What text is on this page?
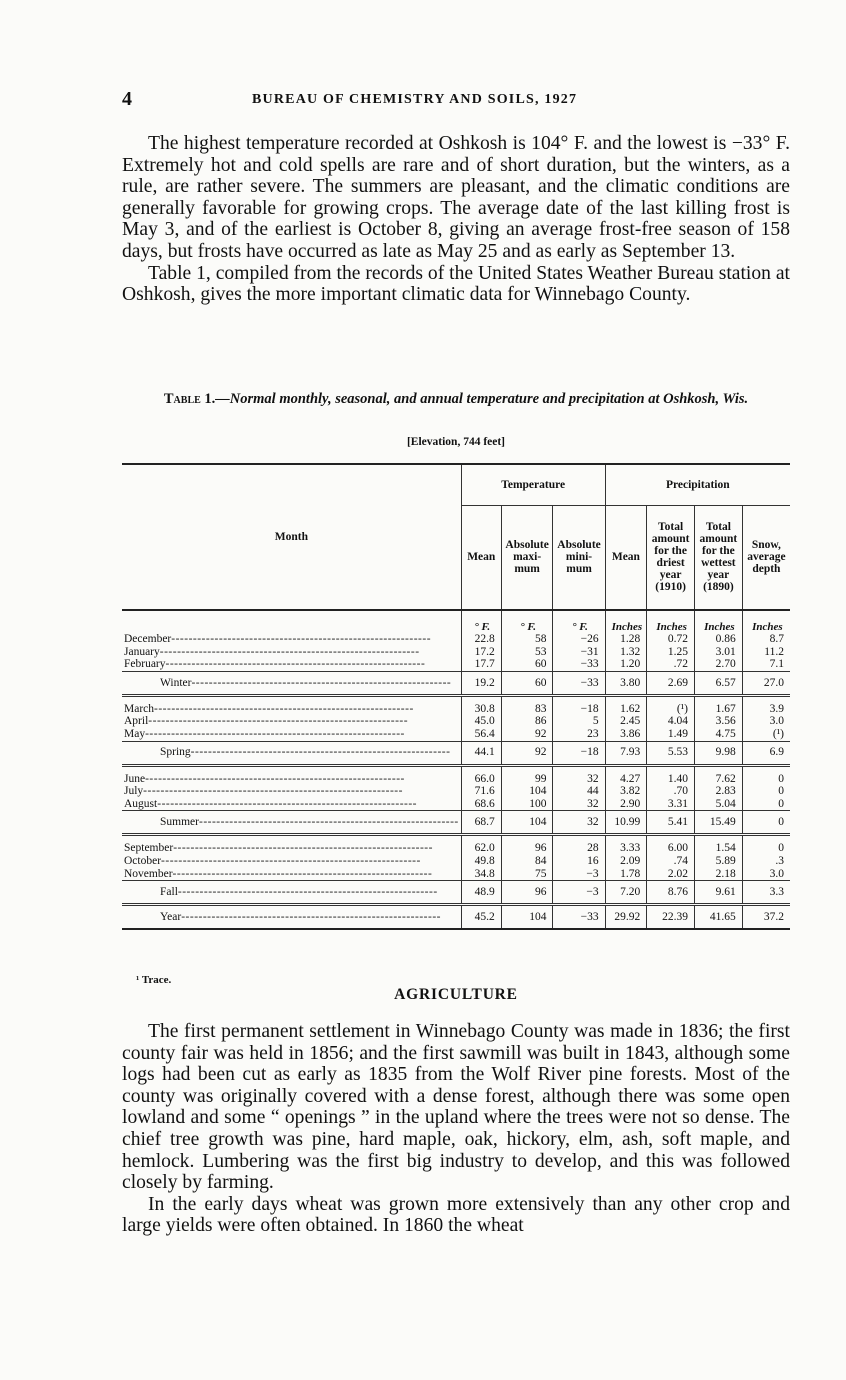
4	BUREAU OF CHEMISTRY AND SOILS, 1927

The highest temperature recorded at Oshkosh is 104° F. and the lowest is −33° F. Extremely hot and cold spells are rare and of short duration, but the winters, as a rule, are rather severe. The summers are pleasant, and the climatic conditions are generally favorable for growing crops. The average date of the last killing frost is May 3, and of the earliest is October 8, giving an average frost-free season of 158 days, but frosts have occurred as late as May 25 and as early as September 13.

Table 1, compiled from the records of the United States Weather Bureau station at Oshkosh, gives the more important climatic data for Winnebago County.

Table 1.—Normal monthly, seasonal, and annual temperature and precipitation at Oshkosh, Wis.
[Elevation, 744 feet]
Month	Temperature			Precipitation			
	Mean	Absolute maxi-mum	Absolute mini-mum	Mean	Total amount for the driest year (1910)	Total amount for the wettest year (1890)	Snow, average depth
	° F.	° F.	° F.	Inches	Inches	Inches	Inches
December------------------------------------------------------------	22.8	58	−26	1.28	0.72	0.86	8.7
January------------------------------------------------------------	17.2	53	−31	1.32	1.25	3.01	11.2
February------------------------------------------------------------	17.7	60	−33	1.20	.72	2.70	7.1
Winter------------------------------------------------------------	19.2	60	−33	3.80	2.69	6.57	27.0
March------------------------------------------------------------	30.8	83	−18	1.62	(¹)	1.67	3.9
April------------------------------------------------------------	45.0	86	5	2.45	4.04	3.56	3.0
May------------------------------------------------------------	56.4	92	23	3.86	1.49	4.75	(¹)
Spring------------------------------------------------------------	44.1	92	−18	7.93	5.53	9.98	6.9
June------------------------------------------------------------	66.0	99	32	4.27	1.40	7.62	0
July------------------------------------------------------------	71.6	104	44	3.82	.70	2.83	0
August------------------------------------------------------------	68.6	100	32	2.90	3.31	5.04	0
Summer------------------------------------------------------------	68.7	104	32	10.99	5.41	15.49	0
September------------------------------------------------------------	62.0	96	28	3.33	6.00	1.54	0
October------------------------------------------------------------	49.8	84	16	2.09	.74	5.89	.3
November------------------------------------------------------------	34.8	75	−3	1.78	2.02	2.18	3.0
Fall------------------------------------------------------------	48.9	96	−3	7.20	8.76	9.61	3.3
Year------------------------------------------------------------	45.2	104	−33	29.92	22.39	41.65	37.2
¹ Trace.
AGRICULTURE

The first permanent settlement in Winnebago County was made in 1836; the first county fair was held in 1856; and the first sawmill was built in 1843, although some logs had been cut as early as 1835 from the Wolf River pine forests. Most of the county was originally covered with a dense forest, although there was some open lowland and some “ openings ” in the upland where the trees were not so dense. The chief tree growth was pine, hard maple, oak, hickory, elm, ash, soft maple, and hemlock. Lumbering was the first big industry to develop, and this was followed closely by farming.

In the early days wheat was grown more extensively than any other crop and large yields were often obtained. In 1860 the wheat
